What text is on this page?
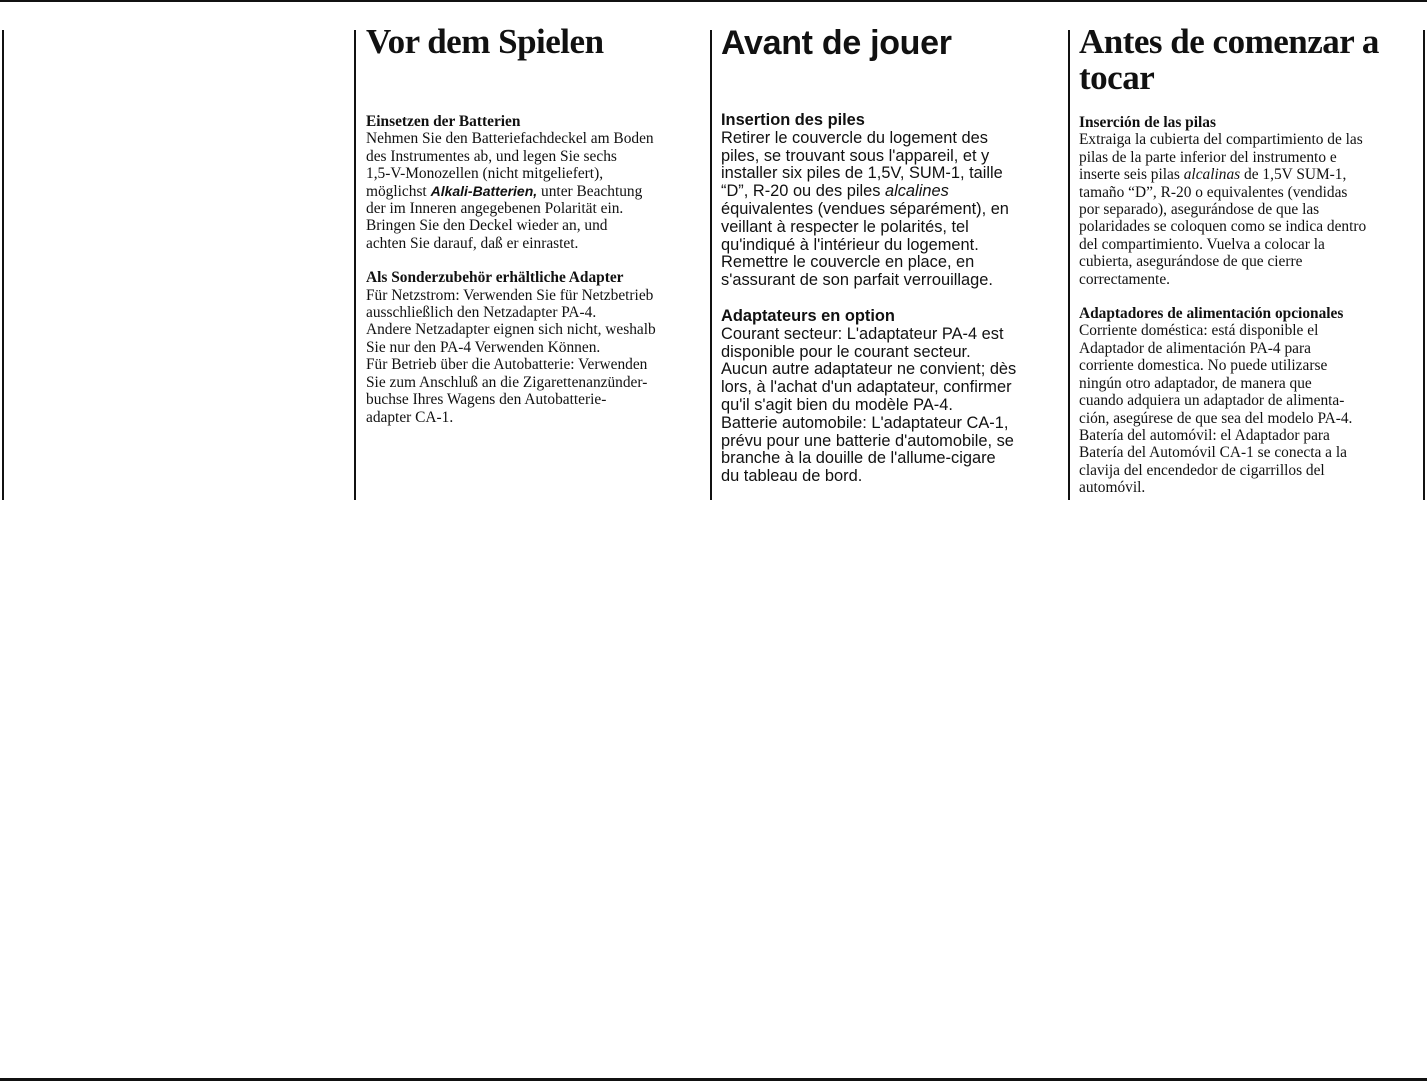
Vor dem Spielen
Einsetzen der Batterien
Nehmen Sie den Batteriefachdeckel am Boden
des Instrumentes ab, und legen Sie sechs
1,5-V-Monozellen (nicht mitgeliefert),
möglichst Alkali-Batterien, unter Beachtung
der im Inneren angegebenen Polarität ein.
Bringen Sie den Deckel wieder an, und
achten Sie darauf, daß er einrastet.
Als Sonderzubehör erhältliche Adapter
Für Netzstrom: Verwenden Sie für Netzbetrieb
ausschließlich den Netzadapter PA-4.
Andere Netzadapter eignen sich nicht, weshalb
Sie nur den PA-4 Verwenden Können.
Für Betrieb über die Autobatterie: Verwenden
Sie zum Anschluß an die Zigarettenanzünder-
buchse Ihres Wagens den Autobatterie-
adapter CA-1.
Avant de jouer
Insertion des piles
Retirer le couvercle du logement des
piles, se trouvant sous l'appareil, et y
installer six piles de 1,5V, SUM-1, taille
“D”, R-20 ou des piles alcalines
équivalentes (vendues séparément), en
veillant à respecter le polarités, tel
qu'indiqué à l'intérieur du logement.
Remettre le couvercle en place, en
s'assurant de son parfait verrouillage.
Adaptateurs en option
Courant secteur: L'adaptateur PA-4 est
disponible pour le courant secteur.
Aucun autre adaptateur ne convient; dès
lors, à l'achat d'un adaptateur, confirmer
qu'il s'agit bien du modèle PA-4.
Batterie automobile: L'adaptateur CA-1,
prévu pour une batterie d'automobile, se
branche à la douille de l'allume-cigare
du tableau de bord.
Antes de comenzar a
tocar
Inserción de las pilas
Extraiga la cubierta del compartimiento de las
pilas de la parte inferior del instrumento e
inserte seis pilas alcalinas de 1,5V SUM-1,
tamaño “D”, R-20 o equivalentes (vendidas
por separado), asegurándose de que las
polaridades se coloquen como se indica dentro
del compartimiento. Vuelva a colocar la
cubierta, asegurándose de que cierre
correctamente.
Adaptadores de alimentación opcionales
Corriente doméstica: está disponible el
Adaptador de alimentación PA-4 para
corriente domestica. No puede utilizarse
ningún otro adaptador, de manera que
cuando adquiera un adaptador de alimenta-
ción, asegúrese de que sea del modelo PA-4.
Batería del automóvil: el Adaptador para
Batería del Automóvil CA-1 se conecta a la
clavija del encendedor de cigarrillos del
automóvil.
